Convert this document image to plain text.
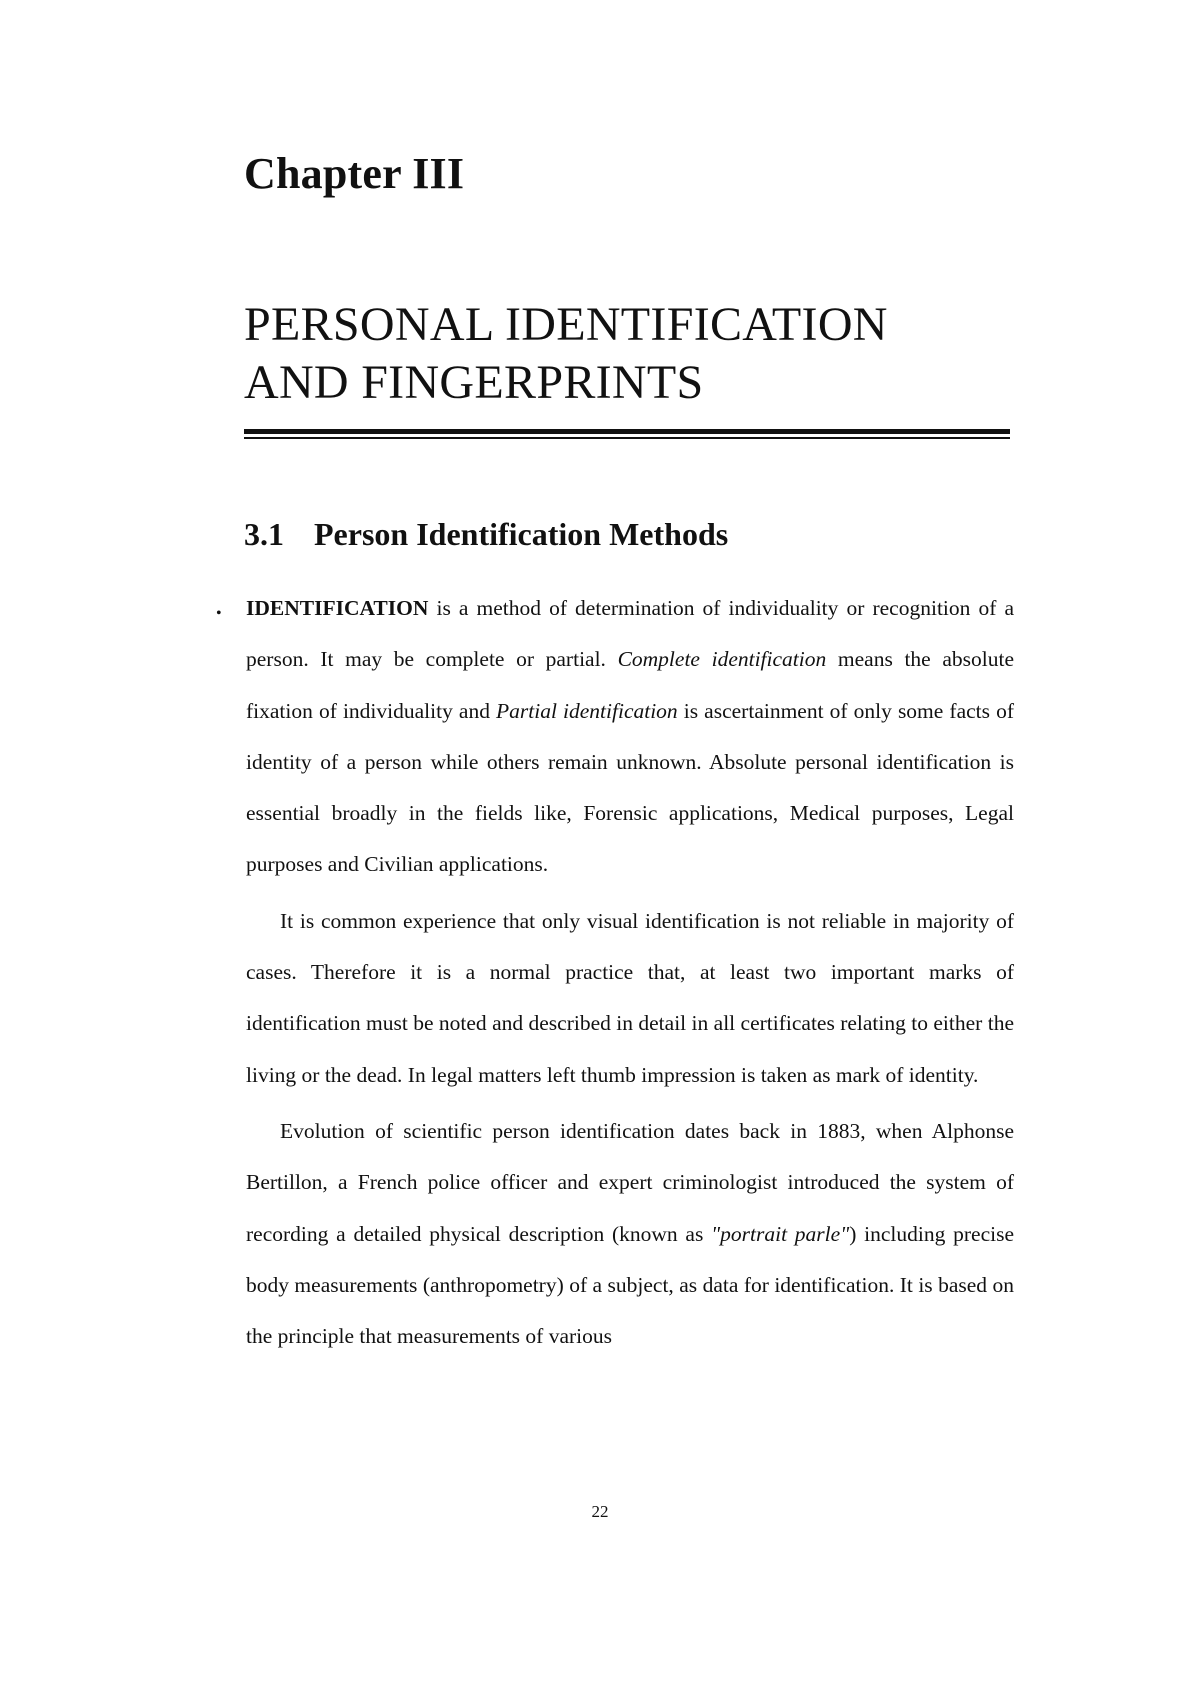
Chapter III
PERSONAL IDENTIFICATION
AND FINGERPRINTS
3.1 Person Identification Methods
• IDENTIFICATION is a method of determination of individuality or recognition of a person. It may be complete or partial. Complete identification means the absolute fixation of individuality and Partial identification is ascertainment of only some facts of identity of a person while others remain unknown. Absolute personal identification is essential broadly in the fields like, Forensic applications, Medical purposes, Legal purposes and Civilian applications.

It is common experience that only visual identification is not reliable in majority of cases. Therefore it is a normal practice that, at least two important marks of identification must be noted and described in detail in all certificates relating to either the living or the dead. In legal matters left thumb impression is taken as mark of identity.

Evolution of scientific person identification dates back in 1883, when Alphonse Bertillon, a French police officer and expert criminologist introduced the system of recording a detailed physical description (known as "portrait parle") including precise body measurements (anthropometry) of a subject, as data for identification. It is based on the principle that measurements of various

22
